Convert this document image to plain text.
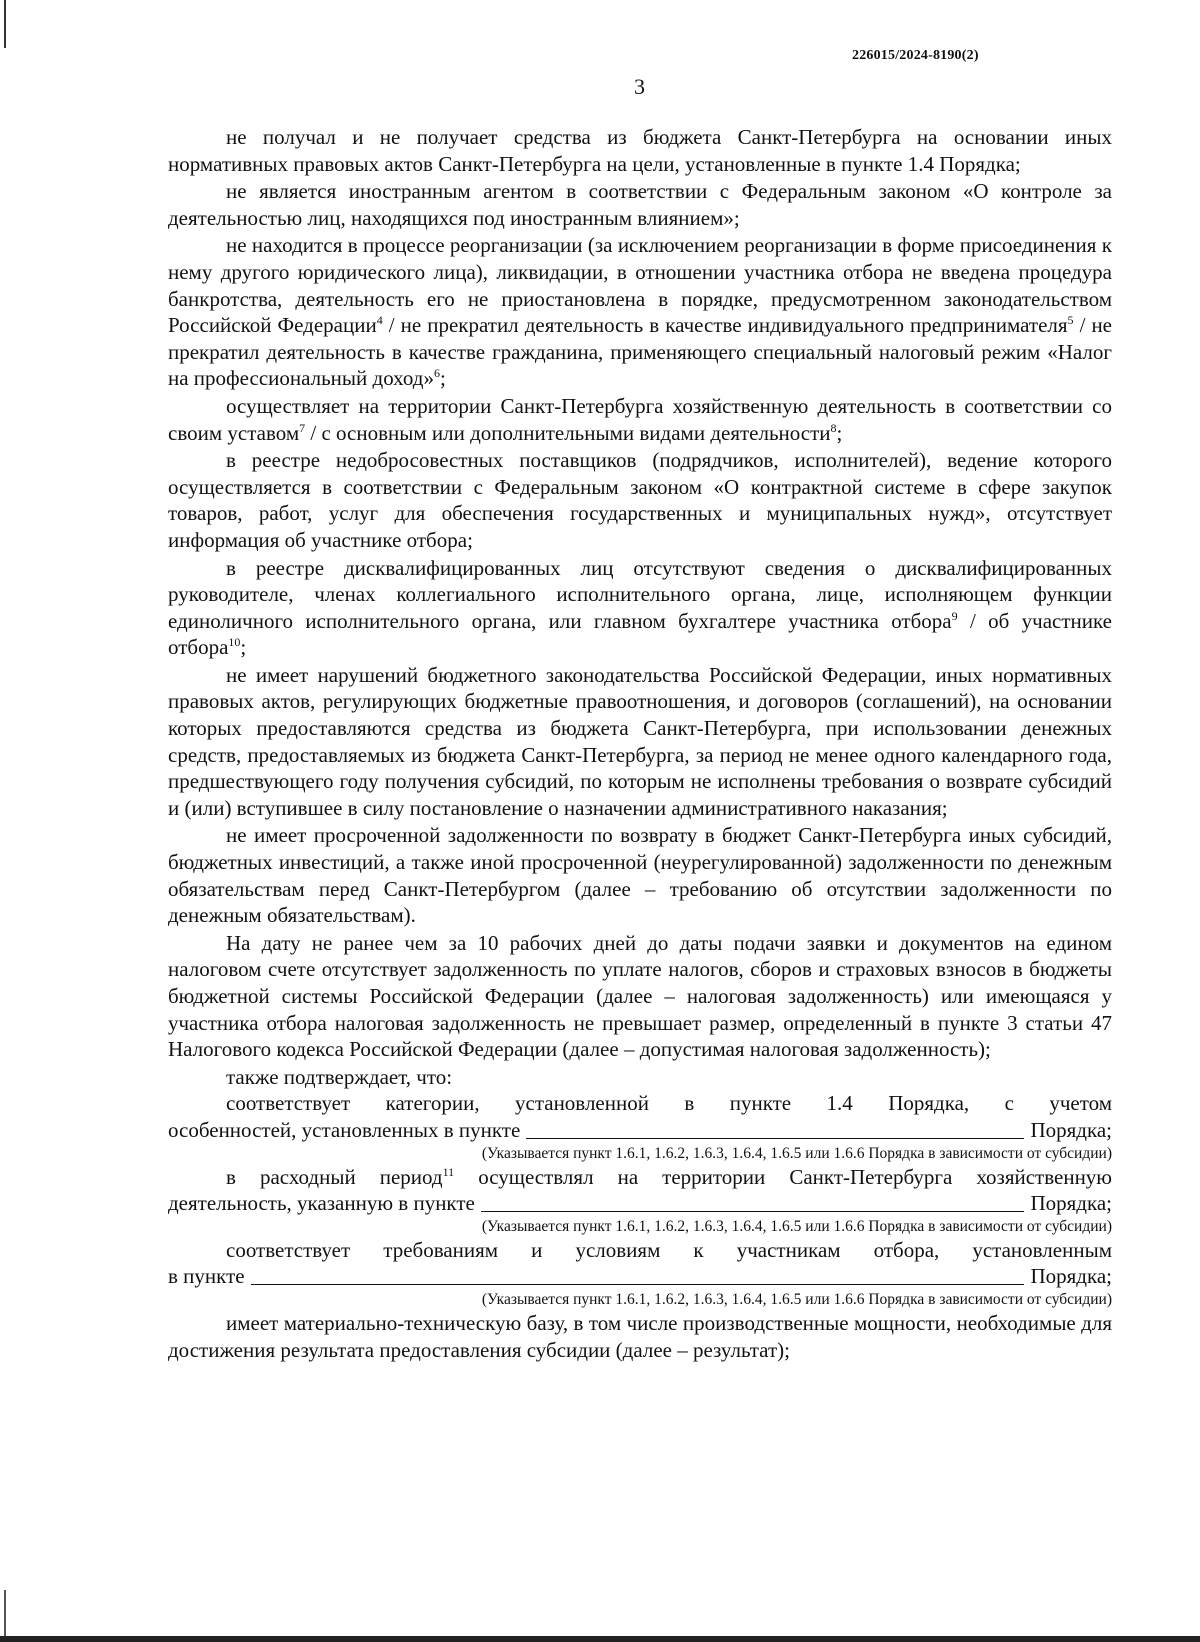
226015/2024-8190(2)
3

не получал и не получает средства из бюджета Санкт-Петербурга на основании иных нормативных правовых актов Санкт-Петербурга на цели, установленные в пункте 1.4 Порядка;

не является иностранным агентом в соответствии с Федеральным законом «О контроле за деятельностью лиц, находящихся под иностранным влиянием»;

не находится в процессе реорганизации (за исключением реорганизации в форме присоединения к нему другого юридического лица), ликвидации, в отношении участника отбора не введена процедура банкротства, деятельность его не приостановлена в порядке, предусмотренном законодательством Российской Федерации$^4$ / не прекратил деятельность в качестве индивидуального предпринимателя$^5$ / не прекратил деятельность в качестве гражданина, применяющего специальный налоговый режим «Налог на профессиональный доход»$^6$;

осуществляет на территории Санкт-Петербурга хозяйственную деятельность в соответствии со своим уставом$^7$ / с основным или дополнительными видами деятельности$^8$;

в реестре недобросовестных поставщиков (подрядчиков, исполнителей), ведение которого осуществляется в соответствии с Федеральным законом «О контрактной системе в сфере закупок товаров, работ, услуг для обеспечения государственных и муниципальных нужд», отсутствует информация об участнике отбора;

в реестре дисквалифицированных лиц отсутствуют сведения о дисквалифицированных руководителе, членах коллегиального исполнительного органа, лице, исполняющем функции единоличного исполнительного органа, или главном бухгалтере участника отбора$^9$ / об участнике отбора$^{10}$;

не имеет нарушений бюджетного законодательства Российской Федерации, иных нормативных правовых актов, регулирующих бюджетные правоотношения, и договоров (соглашений), на основании которых предоставляются средства из бюджета Санкт-Петербурга, при использовании денежных средств, предоставляемых из бюджета Санкт-Петербурга, за период не менее одного календарного года, предшествующего году получения субсидий, по которым не исполнены требования о возврате субсидий и (или) вступившее в силу постановление о назначении административного наказания;

не имеет просроченной задолженности по возврату в бюджет Санкт-Петербурга иных субсидий, бюджетных инвестиций, а также иной просроченной (неурегулированной) задолженности по денежным обязательствам перед Санкт-Петербургом (далее – требованию об отсутствии задолженности по денежным обязательствам).

На дату не ранее чем за 10 рабочих дней до даты подачи заявки и документов на едином налоговом счете отсутствует задолженность по уплате налогов, сборов и страховых взносов в бюджеты бюджетной системы Российской Федерации (далее – налоговая задолженность) или имеющаяся у участника отбора налоговая задолженность не превышает размер, определенный в пункте 3 статьи 47 Налогового кодекса Российской Федерации (далее – допустимая налоговая задолженность);

также подтверждает, что:

соответствует категории, установленной в пункте 1.4 Порядка, с учетом

особенностей, установленных в пункте	Порядка;

(Указывается пункт 1.6.1, 1.6.2, 1.6.3, 1.6.4, 1.6.5 или 1.6.6 Порядка в зависимости от субсидии)

в расходный период$^{11}$ осуществлял на территории Санкт-Петербурга хозяйственную

деятельность, указанную в пункте	Порядка;

(Указывается пункт 1.6.1, 1.6.2, 1.6.3, 1.6.4, 1.6.5 или 1.6.6 Порядка в зависимости от субсидии)

соответствует требованиям и условиям к участникам отбора, установленным

в пункте	Порядка;

(Указывается пункт 1.6.1, 1.6.2, 1.6.3, 1.6.4, 1.6.5 или 1.6.6 Порядка в зависимости от субсидии)

имеет материально-техническую базу, в том числе производственные мощности, необходимые для достижения результата предоставления субсидии (далее – результат);
